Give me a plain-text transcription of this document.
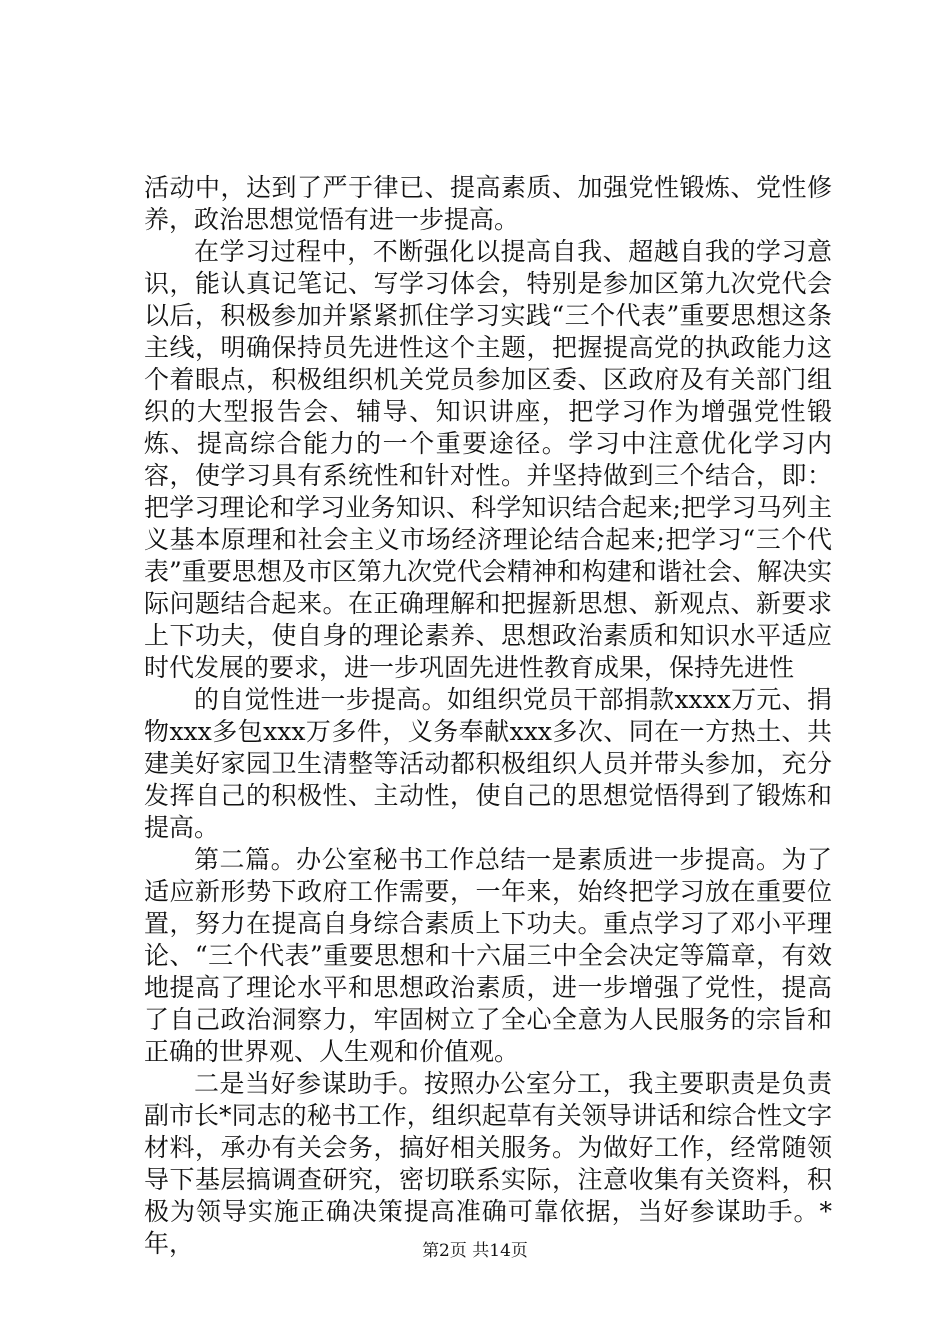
活动中，达到了严于律已、提高素质、加强党性锻炼、党性修养，政治思想觉悟有进一步提高。

在学习过程中，不断强化以提高自我、超越自我的学习意识，能认真记笔记、写学习体会，特别是参加区第九次党代会以后，积极参加并紧紧抓住学习实践“三个代表”重要思想这条主线，明确保持员先进性这个主题，把握提高党的执政能力这个着眼点，积极组织机关党员参加区委、区政府及有关部门组织的大型报告会、辅导、知识讲座，把学习作为增强党性锻炼、提高综合能力的一个重要途径。学习中注意优化学习内容，使学习具有系统性和针对性。并坚持做到三个结合，即：把学习理论和学习业务知识、科学知识结合起来;把学习马列主义基本原理和社会主义市场经济理论结合起来;把学习“三个代表”重要思想及市区第九次党代会精神和构建和谐社会、解决实际问题结合起来。在正确理解和把握新思想、新观点、新要求上下功夫，使自身的理论素养、思想政治素质和知识水平适应时代发展的要求，进一步巩固先进性教育成果，保持先进性

的自觉性进一步提高。如组织党员干部捐款xxxx万元、捐物xxx多包xxx万多件，义务奉献xxx多次、同在一方热土、共建美好家园卫生清整等活动都积极组织人员并带头参加，充分发挥自己的积极性、主动性，使自己的思想觉悟得到了锻炼和提高。

第二篇。办公室秘书工作总结一是素质进一步提高。为了适应新形势下政府工作需要，一年来，始终把学习放在重要位置，努力在提高自身综合素质上下功夫。重点学习了邓小平理论、“三个代表”重要思想和十六届三中全会决定等篇章，有效地提高了理论水平和思想政治素质，进一步增强了党性，提高了自己政治洞察力，牢固树立了全心全意为人民服务的宗旨和正确的世界观、人生观和价值观。

二是当好参谋助手。按照办公室分工，我主要职责是负责副市长*同志的秘书工作，组织起草有关领导讲话和综合性文字材料，承办有关会务，搞好相关服务。为做好工作，经常随领导下基层搞调查研究，密切联系实际，注意收集有关资料，积极为领导实施正确决策提高准确可靠依据，当好参谋助手。*年，	第2页 共14页
